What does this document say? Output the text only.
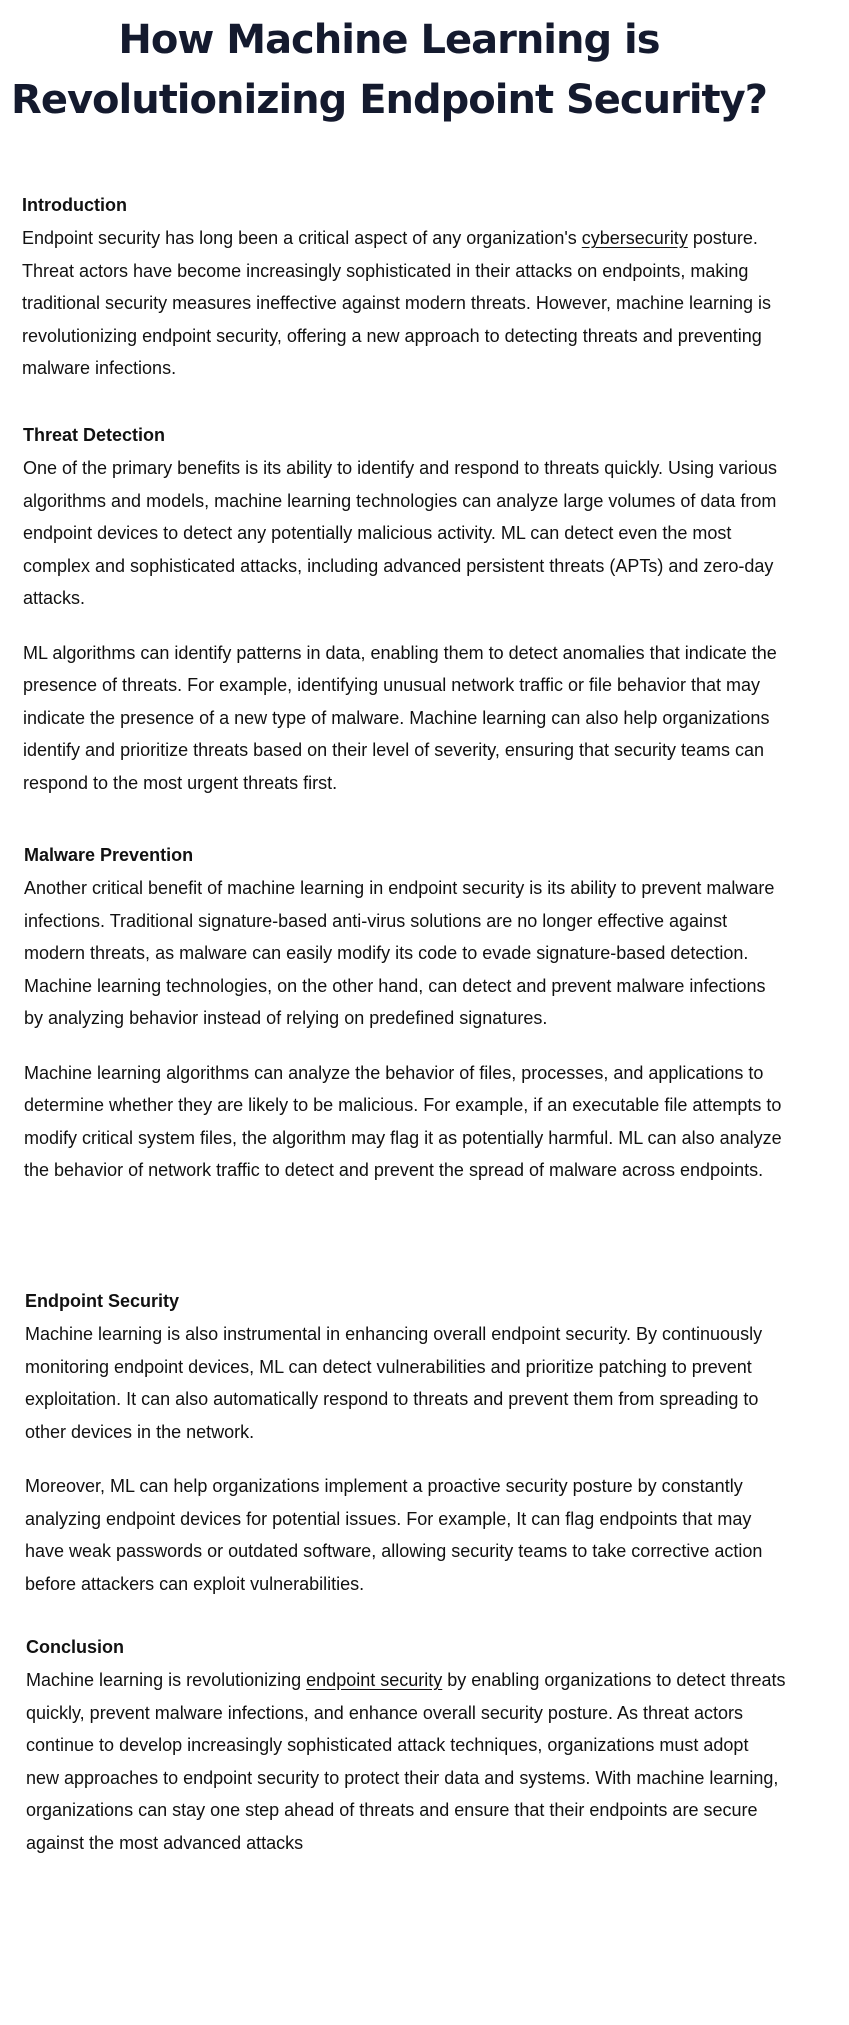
How Machine Learning is Revolutionizing Endpoint Security?
Introduction

Endpoint security has long been a critical aspect of any organization's cybersecurity posture. Threat actors have become increasingly sophisticated in their attacks on endpoints, making traditional security measures ineffective against modern threats. However, machine learning is revolutionizing endpoint security, offering a new approach to detecting threats and preventing malware infections.

Threat Detection

One of the primary benefits is its ability to identify and respond to threats quickly. Using various algorithms and models, machine learning technologies can analyze large volumes of data from endpoint devices to detect any potentially malicious activity. ML can detect even the most complex and sophisticated attacks, including advanced persistent threats (APTs) and zero-day attacks.

ML algorithms can identify patterns in data, enabling them to detect anomalies that indicate the presence of threats. For example, identifying unusual network traffic or file behavior that may indicate the presence of a new type of malware. Machine learning can also help organizations identify and prioritize threats based on their level of severity, ensuring that security teams can respond to the most urgent threats first.

Malware Prevention

Another critical benefit of machine learning in endpoint security is its ability to prevent malware infections. Traditional signature-based anti-virus solutions are no longer effective against modern threats, as malware can easily modify its code to evade signature-based detection. Machine learning technologies, on the other hand, can detect and prevent malware infections by analyzing behavior instead of relying on predefined signatures.

Machine learning algorithms can analyze the behavior of files, processes, and applications to determine whether they are likely to be malicious. For example, if an executable file attempts to modify critical system files, the algorithm may flag it as potentially harmful. ML can also analyze the behavior of network traffic to detect and prevent the spread of malware across endpoints.

Endpoint Security

Machine learning is also instrumental in enhancing overall endpoint security. By continuously monitoring endpoint devices, ML can detect vulnerabilities and prioritize patching to prevent exploitation. It can also automatically respond to threats and prevent them from spreading to other devices in the network.

Moreover, ML can help organizations implement a proactive security posture by constantly analyzing endpoint devices for potential issues. For example, It can flag endpoints that may have weak passwords or outdated software, allowing security teams to take corrective action before attackers can exploit vulnerabilities.

Conclusion

Machine learning is revolutionizing endpoint security by enabling organizations to detect threats quickly, prevent malware infections, and enhance overall security posture. As threat actors continue to develop increasingly sophisticated attack techniques, organizations must adopt new approaches to endpoint security to protect their data and systems. With machine learning, organizations can stay one step ahead of threats and ensure that their endpoints are secure against the most advanced attacks
